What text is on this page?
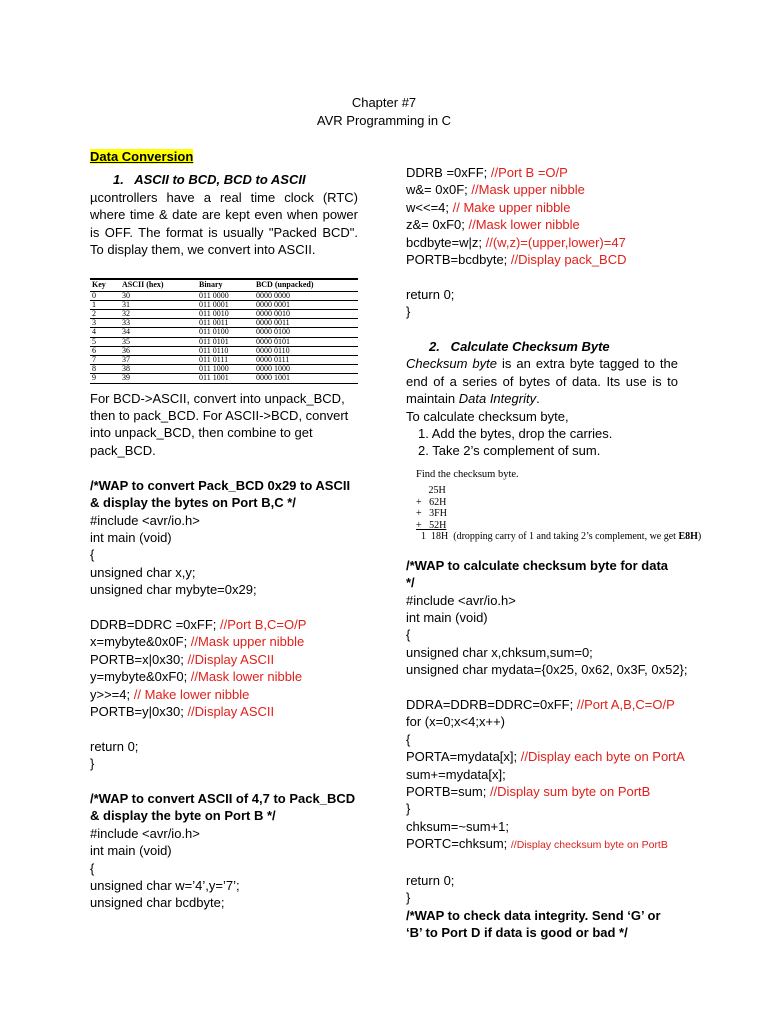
Chapter #7
AVR Programming in C
Data Conversion
1.   ASCII to BCD, BCD to ASCII
µcontrollers have a real time clock (RTC) where time & date are kept even when power is OFF. The format is usually "Packed BCD". To display them, we convert into ASCII.
Key	ASCII (hex)	Binary	BCD (unpacked)
0	30	011 0000	0000 0000
1	31	011 0001	0000 0001
2	32	011 0010	0000 0010
3	33	011 0011	0000 0011
4	34	011 0100	0000 0100
5	35	011 0101	0000 0101
6	36	011 0110	0000 0110
7	37	011 0111	0000 0111
8	38	011 1000	0000 1000
9	39	011 1001	0000 1001
For BCD->ASCII, convert into unpack_BCD, then to pack_BCD. For ASCII->BCD, convert into unpack_BCD, then combine to get pack_BCD.
/*WAP to convert Pack_BCD 0x29 to ASCII & display the bytes on Port B,C */
#include <avr/io.h>
int main (void)
{
unsigned char x,y;
unsigned char mybyte=0x29;
DDRB=DDRC =0xFF; //Port B,C=O/P
x=mybyte&0x0F; //Mask upper nibble
PORTB=x|0x30; //Display ASCII
y=mybyte&0xF0; //Mask lower nibble
y>>=4; // Make lower nibble
PORTB=y|0x30; //Display ASCII
return 0;
}
/*WAP to convert ASCII of 4,7 to Pack_BCD & display the byte on Port B */
#include <avr/io.h>
int main (void)
{
unsigned char w=’4’,y=’7’;
unsigned char bcdbyte;
DDRB =0xFF; //Port B =O/P
w&= 0x0F; //Mask upper nibble
w<<=4; // Make upper nibble
z&= 0xF0; //Mask lower nibble
bcdbyte=w|z; //(w,z)=(upper,lower)=47
PORTB=bcdbyte; //Display pack_BCD
return 0;
}
2.   Calculate Checksum Byte
Checksum byte is an extra byte tagged to the end of a series of bytes of data. Its use is to maintain Data Integrity.
To calculate checksum byte,
1. Add the bytes, drop the carries.
2. Take 2’s complement of sum.
Find the checksum byte.
25H
+   62H
+   3FH
+   52H
1  18H  (dropping carry of 1 and taking 2’s complement, we get E8H)
/*WAP to calculate checksum byte for data */
#include <avr/io.h>
int main (void)
{
unsigned char x,chksum,sum=0;
unsigned char mydata={0x25, 0x62, 0x3F, 0x52};
DDRA=DDRB=DDRC=0xFF; //Port A,B,C=O/P
for (x=0;x<4;x++)
{
PORTA=mydata[x]; //Display each byte on PortA
sum+=mydata[x];
PORTB=sum; //Display sum byte on PortB
}
chksum=~sum+1;
PORTC=chksum; //Display checksum byte on PortB
return 0;
}
/*WAP to check data integrity. Send ‘G’ or ‘B’ to Port D if data is good or bad */
